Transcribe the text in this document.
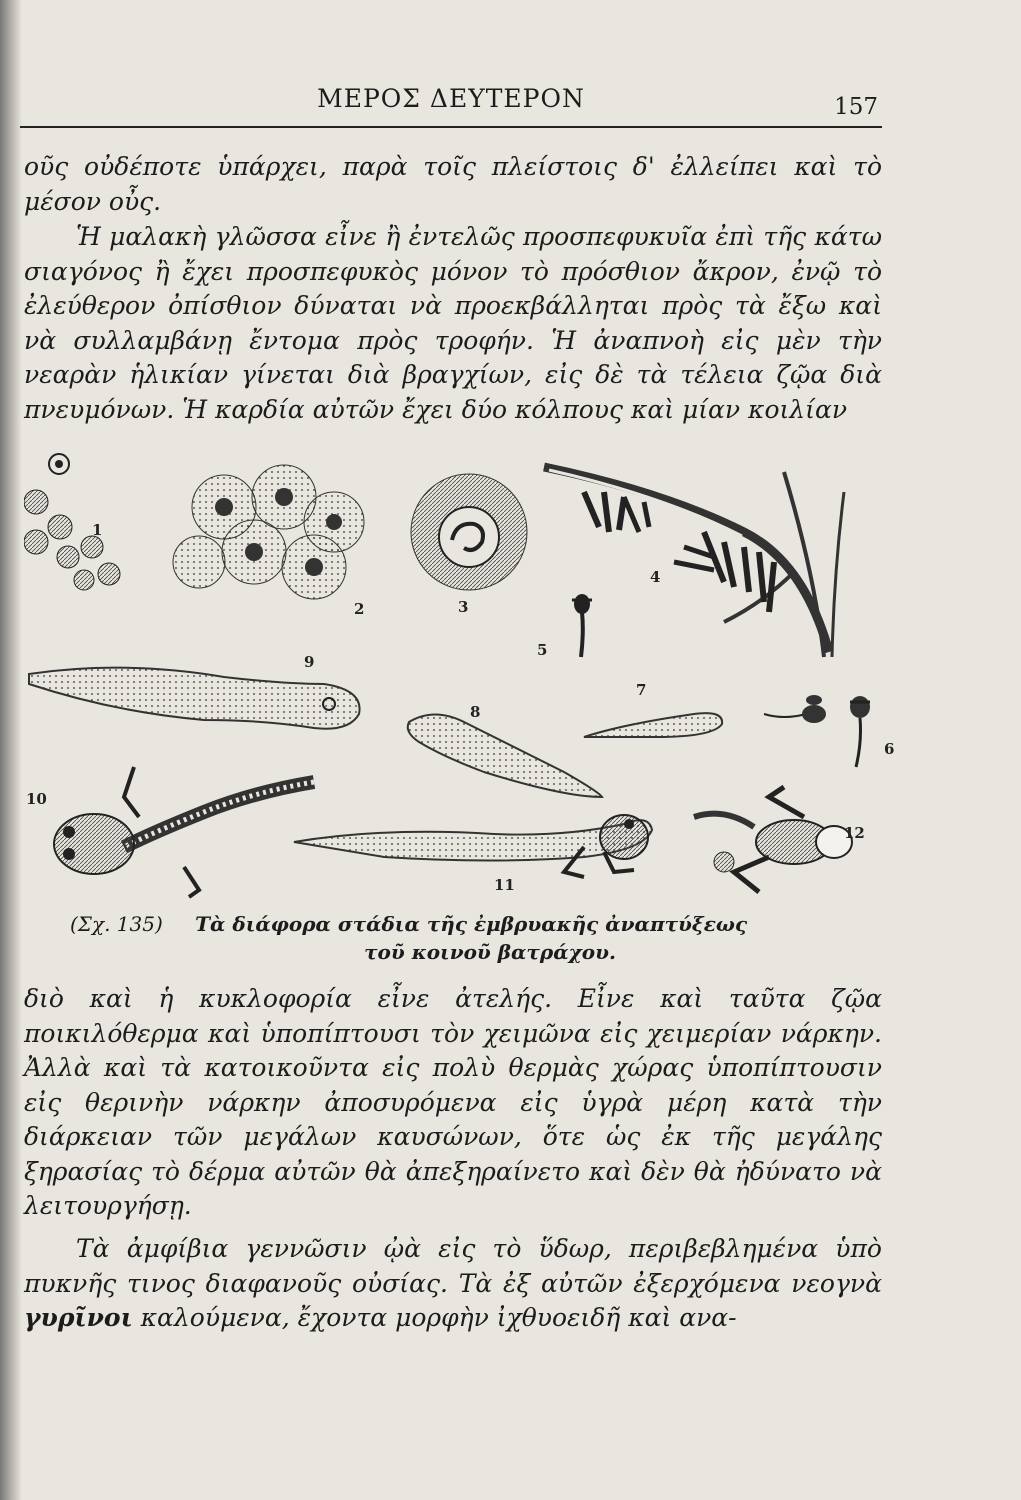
ΜΕΡΟΣ ΔΕΥΤΕΡΟΝ	157

οῦς οὐδέποτε ὑπάρχει, παρὰ τοῖς πλείστοις δ' ἐλλείπει καὶ τὸ μέσον οὖς.

Ἡ μαλακὴ γλῶσσα εἶνε ἢ ἐντελῶς προσπεφυκυῖα ἐπὶ τῆς κάτω σιαγόνος ἢ ἔχει προσπεφυκὸς μόνον τὸ πρόσθιον ἄκρον, ἐνῷ τὸ ἐλεύθερον ὀπίσθιον δύναται νὰ προεκβάλληται πρὸς τὰ ἔξω καὶ νὰ συλλαμβάνῃ ἔντομα πρὸς τροφήν. Ἡ ἀναπνοὴ εἰς μὲν τὴν νεαρὰν ἡλικίαν γίνεται διὰ βραγχίων, εἰς δὲ τὰ τέλεια ζῷα διὰ πνευμόνων. Ἡ καρδία αὐτῶν ἔχει δύο κόλπους καὶ μίαν κοιλίαν

1
2	3
4
5
6
7
8
9
10
11
12
(Σχ. 135) Τὰ διάφορα στάδια τῆς ἐμβρυακῆς ἀναπτύξεως
τοῦ κοινοῦ βατράχου.

διὸ καὶ ἡ κυκλοφορία εἶνε ἀτελής. Εἶνε καὶ ταῦτα ζῷα ποικιλόθερμα καὶ ὑποπίπτουσι τὸν χειμῶνα εἰς χειμερίαν νάρκην. Ἀλλὰ καὶ τὰ κατοικοῦντα εἰς πολὺ θερμὰς χώρας ὑποπίπτουσιν εἰς θερινὴν νάρκην ἀποσυρόμενα εἰς ὑγρὰ μέρη κατὰ τὴν διάρκειαν τῶν μεγάλων καυσώνων, ὅτε ὡς ἐκ τῆς μεγάλης ξηρασίας τὸ δέρμα αὐτῶν θὰ ἀπεξηραίνετο καὶ δὲν θὰ ἠδύνατο νὰ λειτουργήσῃ.

Τὰ ἀμφίβια γεννῶσιν ᾠὰ εἰς τὸ ὕδωρ, περιβεβλημένα ὑπὸ πυκνῆς τινος διαφανοῦς οὐσίας. Τὰ ἐξ αὐτῶν ἐξερχόμενα νεογνὰ γυρῖνοι καλούμενα, ἔχοντα μορφὴν ἰχθυοειδῆ καὶ ανα-
